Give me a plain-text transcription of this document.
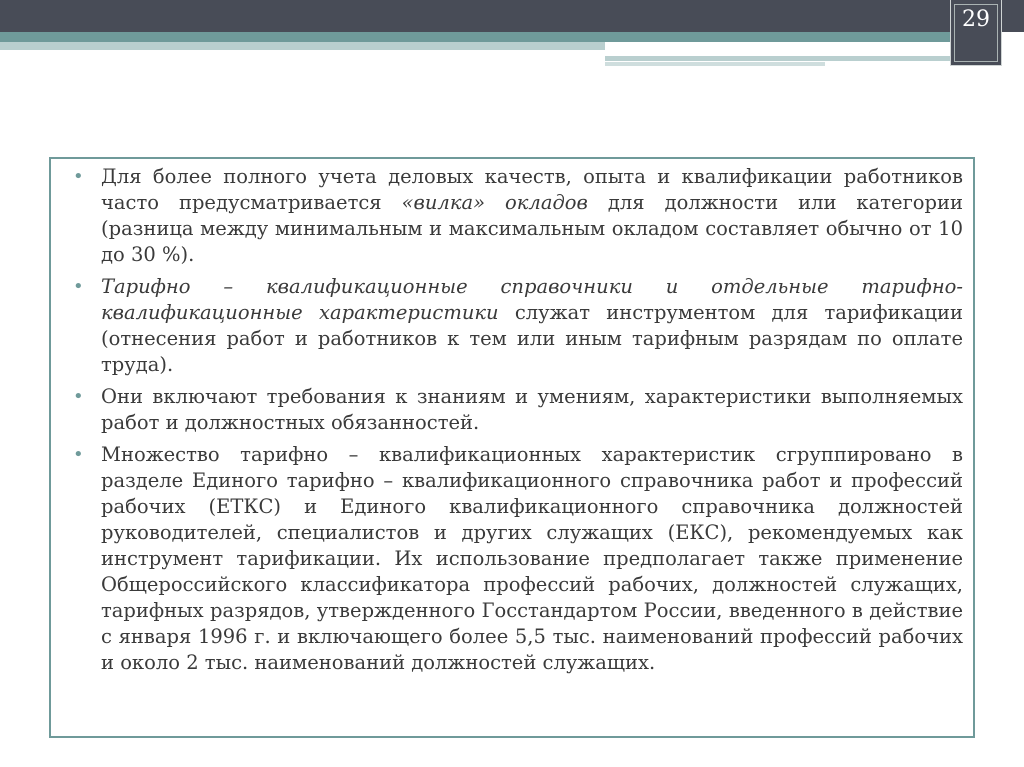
29
• Для более полного учета деловых качеств, опыта и квалификации работников часто предусматривается «вилка» окладов для должности или категории (разница между минимальным и максимальным окладом составляет обычно от 10 до 30 %).
• Тарифно – квалификационные справочники и отдельные тарифно-квалификационные характеристики служат инструментом для тарификации (отнесения работ и работников к тем или иным тарифным разрядам по оплате труда).
• Они включают требования к знаниям и умениям, характеристики выполняемых работ и должностных обязанностей.
• Множество тарифно – квалификационных характеристик сгруппировано в разделе Единого тарифно – квалификационного справочника работ и профессий рабочих (ЕТКС) и Единого квалификационного справочника должностей руководителей, специалистов и других служащих (ЕКС), рекомендуемых как инструмент тарификации. Их использование предполагает также применение Общероссийского классификатора профессий рабочих, должностей служащих, тарифных разрядов, утвержденного Госстандартом России, введенного в действие с января 1996 г. и включающего более 5,5 тыс. наименований профессий рабочих и около 2 тыс. наименований должностей служащих.
